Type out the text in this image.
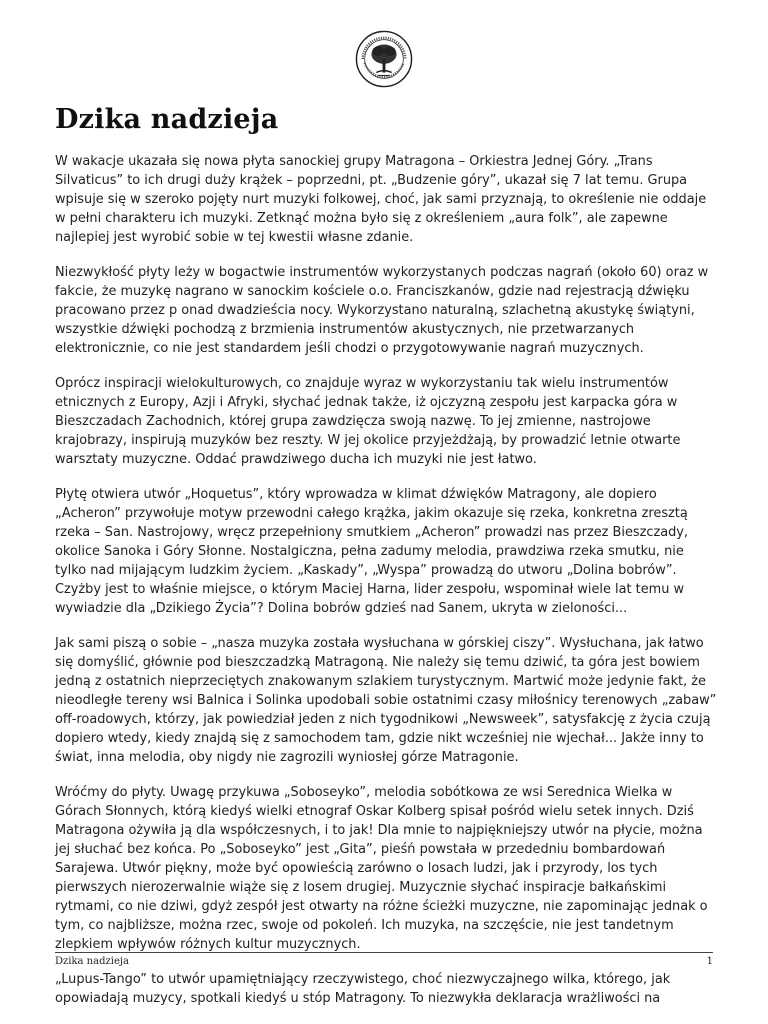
Dzika nadzieja

W wakacje ukazała się nowa płyta sanockiej grupy Matragona – Orkiestra Jednej Góry. „Trans Silvaticus” to ich drugi duży krążek – poprzedni, pt. „Budzenie góry”, ukazał się 7 lat temu. Grupa wpisuje się w szeroko pojęty nurt muzyki folkowej, choć, jak sami przyznają, to określenie nie oddaje w pełni charakteru ich muzyki. Zetknąć można było się z określeniem „aura folk”, ale zapewne najlepiej jest wyrobić sobie w tej kwestii własne zdanie.

Niezwykłość płyty leży w bogactwie instrumentów wykorzystanych podczas nagrań (około 60) oraz w fakcie, że muzykę nagrano w sanockim kościele o.o. Franciszkanów, gdzie nad rejestracją dźwięku pracowano przez p onad dwadzieścia nocy. Wykorzystano naturalną, szlachetną akustykę świątyni, wszystkie dźwięki pochodzą z brzmienia instrumentów akustycznych, nie przetwarzanych elektronicznie, co nie jest standardem jeśli chodzi o przygotowywanie nagrań muzycznych.

Oprócz inspiracji wielokulturowych, co znajduje wyraz w wykorzystaniu tak wielu instrumentów etnicznych z Europy, Azji i Afryki, słychać jednak także, iż ojczyzną zespołu jest karpacka góra w Bieszczadach Zachodnich, której grupa zawdzięcza swoją nazwę. To jej zmienne, nastrojowe krajobrazy, inspirują muzyków bez reszty. W jej okolice przyjeżdżają, by prowadzić letnie otwarte warsztaty muzyczne. Oddać prawdziwego ducha ich muzyki nie jest łatwo.

Płytę otwiera utwór „Hoquetus”, który wprowadza w klimat dźwięków Matragony, ale dopiero „Acheron” przywołuje motyw przewodni całego krążka, jakim okazuje się rzeka, konkretna zresztą rzeka – San. Nastrojowy, wręcz przepełniony smutkiem „Acheron” prowadzi nas przez Bieszczady, okolice Sanoka i Góry Słonne. Nostalgiczna, pełna zadumy melodia, prawdziwa rzeka smutku, nie tylko nad mijającym ludzkim życiem. „Kaskady”, „Wyspa” prowadzą do utworu „Dolina bobrów”. Czyżby jest to właśnie miejsce, o którym Maciej Harna, lider zespołu, wspominał wiele lat temu w wywiadzie dla „Dzikiego Życia”? Dolina bobrów gdzieś nad Sanem, ukryta w zieloności...

Jak sami piszą o sobie – „nasza muzyka została wysłuchana w górskiej ciszy”. Wysłuchana, jak łatwo się domyślić, głównie pod bieszczadzką Matragoną. Nie należy się temu dziwić, ta góra jest bowiem jedną z ostatnich nieprzeciętych znakowanym szlakiem turystycznym. Martwić może jedynie fakt, że nieodległe tereny wsi Balnica i Solinka upodobali sobie ostatnimi czasy miłośnicy terenowych „zabaw” off-roadowych, którzy, jak powiedział jeden z nich tygodnikowi „Newsweek”, satysfakcję z życia czują dopiero wtedy, kiedy znajdą się z samochodem tam, gdzie nikt wcześniej nie wjechał... Jakże inny to świat, inna melodia, oby nigdy nie zagrozili wyniosłej górze Matragonie.

Wróćmy do płyty. Uwagę przykuwa „Soboseyko”, melodia sobótkowa ze wsi Serednica Wielka w Górach Słonnych, którą kiedyś wielki etnograf Oskar Kolberg spisał pośród wielu setek innych. Dziś Matragona ożywiła ją dla współczesnych, i to jak! Dla mnie to najpiękniejszy utwór na płycie, można jej słuchać bez końca. Po „Soboseyko” jest „Gita”, pieśń powstała w przededniu bombardowań Sarajewa. Utwór piękny, może być opowieścią zarówno o losach ludzi, jak i przyrody, los tych pierwszych nierozerwalnie wiąże się z losem drugiej. Muzycznie słychać inspiracje bałkańskimi rytmami, co nie dziwi, gdyż zespół jest otwarty na różne ścieżki muzyczne, nie zapominając jednak o tym, co najbliższe, można rzec, swoje od pokoleń. Ich muzyka, na szczęście, nie jest tandetnym zlepkiem wpływów różnych kultur muzycznych.

„Lupus-Tango” to utwór upamiętniający rzeczywistego, choć niezwyczajnego wilka, którego, jak opowiadają muzycy, spotkali kiedyś u stóp Matragony. To niezwykła deklaracja wrażliwości na

Dzika nadzieja	1
